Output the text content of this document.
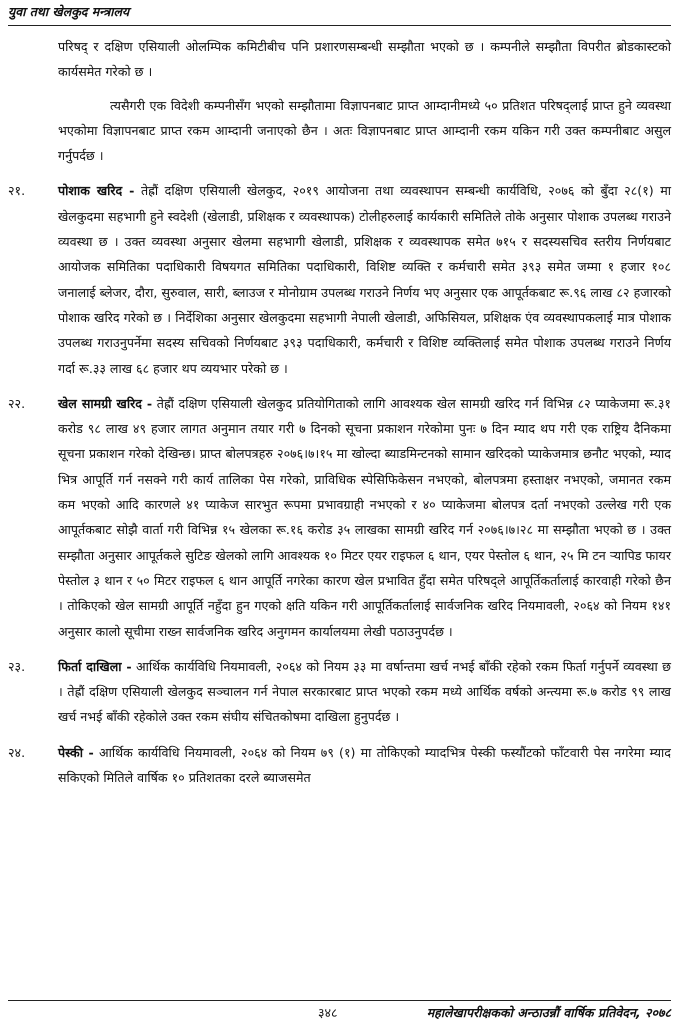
युवा तथा खेलकुद मन्त्रालय

परिषद् र दक्षिण एसियाली ओलम्पिक कमिटीबीच पनि प्रशारणसम्बन्धी सम्झौता भएको छ । कम्पनीले सम्झौता विपरीत ब्रोडकास्टको कार्यसमेत गरेको छ ।

त्यसैगरी एक विदेशी कम्पनीसँग भएको सम्झौतामा विज्ञापनबाट प्राप्त आम्दानीमध्ये ५० प्रतिशत परिषद्लाई प्राप्त हुने व्यवस्था भएकोमा विज्ञापनबाट प्राप्त रकम आम्दानी जनाएको छैन । अतः विज्ञापनबाट प्राप्त आम्दानी रकम यकिन गरी उक्त कम्पनीबाट असुल गर्नुपर्दछ ।

२१.	पोशाक खरिद - तेह्रौं दक्षिण एसियाली खेलकुद, २०१९ आयोजना तथा व्यवस्थापन सम्बन्धी कार्यविधि, २०७६ को बुँदा २८(१) मा खेलकुदमा सहभागी हुने स्वदेशी (खेलाडी, प्रशिक्षक र व्यवस्थापक) टोलीहरुलाई कार्यकारी समितिले तोके अनुसार पोशाक उपलब्ध गराउने व्यवस्था छ । उक्त व्यवस्था अनुसार खेलमा सहभागी खेलाडी, प्रशिक्षक र व्यवस्थापक समेत ७१५ र सदस्यसचिव स्तरीय निर्णयबाट आयोजक समितिका पदाधिकारी विषयगत समितिका पदाधिकारी, विशिष्ट व्यक्ति र कर्मचारी समेत ३९३ समेत जम्मा १ हजार १०८ जनालाई ब्लेजर, दौरा, सुरुवाल, सारी, ब्लाउज र मोनोग्राम उपलब्ध गराउने निर्णय भए अनुसार एक आपूर्तकबाट रू.९६ लाख ८२ हजारको पोशाक खरिद गरेको छ । निर्देशिका अनुसार खेलकुदमा सहभागी नेपाली खेलाडी, अफिसियल, प्रशिक्षक एंव व्यवस्थापकलाई मात्र पोशाक उपलब्ध गराउनुपर्नेमा सदस्य सचिवको निर्णयबाट ३९३ पदाधिकारी, कर्मचारी र विशिष्ट व्यक्तिलाई समेत पोशाक उपलब्ध गराउने निर्णय गर्दा रू.३३ लाख ६८ हजार थप व्ययभार परेको छ ।
२२.	खेल सामग्री खरिद - तेह्रौं दक्षिण एसियाली खेलकुद प्रतियोगिताको लागि आवश्यक खेल सामग्री खरिद गर्न विभिन्न ८२ प्याकेजमा रू.३१ करोड ९८ लाख ४९ हजार लागत अनुमान तयार गरी ७ दिनको सूचना प्रकाशन गरेकोमा पुनः ७ दिन म्याद थप गरी एक राष्ट्रिय दैनिकमा सूचना प्रकाशन गरेको देखिन्छ। प्राप्त बोलपत्रहरु २०७६।७।१५ मा खोल्दा ब्याडमिन्टनको सामान खरिदको प्याकेजमात्र छनौट भएको, म्याद भित्र आपूर्ति गर्न नसक्ने गरी कार्य तालिका पेस गरेको, प्राविधिक स्पेसिफिकेसन नभएको, बोलपत्रमा हस्ताक्षर नभएको, जमानत रकम कम भएको आदि कारणले ४१ प्याकेज सारभुत रूपमा प्रभावग्राही नभएको र ४० प्याकेजमा बोलपत्र दर्ता नभएको उल्लेख गरी एक आपूर्तकबाट सोझै वार्ता गरी विभिन्न १५ खेलका रू.१६ करोड ३५ लाखका सामग्री खरिद गर्न २०७६।७।२८ मा सम्झौता भएको छ । उक्त सम्झौता अनुसार आपूर्तकले सुटिङ खेलको लागि आवश्यक १० मिटर एयर राइफल ६ थान, एयर पेस्तोल ६ थान, २५ मि टन र्‍यापिड फायर पेस्तोल ३ थान र ५० मिटर राइफल ६ थान आपूर्ति नगरेका कारण खेल प्रभावित हुँदा समेत परिषद्ले आपूर्तिकर्तालाई कारवाही गरेको छैन । तोकिएको खेल सामग्री आपूर्ति नहुँदा हुन गएको क्षति यकिन गरी आपूर्तिकर्तालाई सार्वजनिक खरिद नियमावली, २०६४ को नियम १४१ अनुसार कालो सूचीमा राख्न सार्वजनिक खरिद अनुगमन कार्यालयमा लेखी पठाउनुपर्दछ ।
२३.	फिर्ता दाखिला - आर्थिक कार्यविधि नियमावली, २०६४ को नियम ३३ मा वर्षान्तमा खर्च नभई बाँकी रहेको रकम फिर्ता गर्नुपर्ने व्यवस्था छ । तेह्रौं दक्षिण एसियाली खेलकुद सञ्चालन गर्न नेपाल सरकारबाट प्राप्त भएको रकम मध्ये आर्थिक वर्षको अन्त्यमा रू.७ करोड ९९ लाख खर्च नभई बाँकी रहेकोले उक्त रकम संघीय संचितकोषमा दाखिला हुनुपर्दछ ।
२४.	पेस्की - आर्थिक कार्यविधि नियमावली, २०६४ को नियम ७९ (१) मा तोकिएको म्यादभित्र पेस्की फस्यौंटको फाँटवारी पेस नगरेमा म्याद सकिएको मितिले वार्षिक १० प्रतिशतका दरले ब्याजसमेत
३४८	महालेखापरीक्षकको अन्ठाउन्नौं वार्षिक प्रतिवेदन, २०७८
